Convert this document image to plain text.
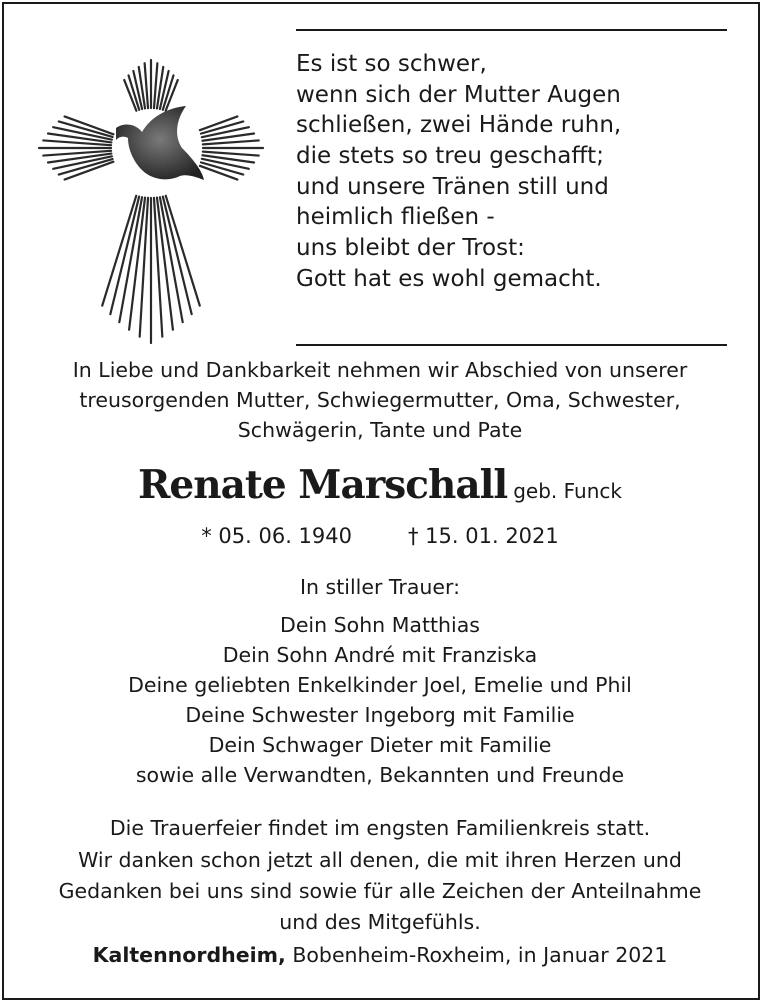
Es ist so schwer,
wenn sich der Mutter Augen
schließen, zwei Hände ruhn,
die stets so treu geschafft;
und unsere Tränen still und
heimlich fließen -
uns bleibt der Trost:
Gott hat es wohl gemacht.
In Liebe und Dankbarkeit nehmen wir Abschied von unserer
treusorgenden Mutter, Schwiegermutter, Oma, Schwester,
Schwägerin, Tante und Pate
Renate Marschall geb. Funck
* 05. 06. 1940	† 15. 01. 2021
In stiller Trauer:
Dein Sohn Matthias
Dein Sohn André mit Franziska
Deine geliebten Enkelkinder Joel, Emelie und Phil
Deine Schwester Ingeborg mit Familie
Dein Schwager Dieter mit Familie
sowie alle Verwandten, Bekannten und Freunde
Die Trauerfeier findet im engsten Familienkreis statt.
Wir danken schon jetzt all denen, die mit ihren Herzen und
Gedanken bei uns sind sowie für alle Zeichen der Anteilnahme
und des Mitgefühls.
Kaltennordheim, Bobenheim-Roxheim, in Januar 2021
